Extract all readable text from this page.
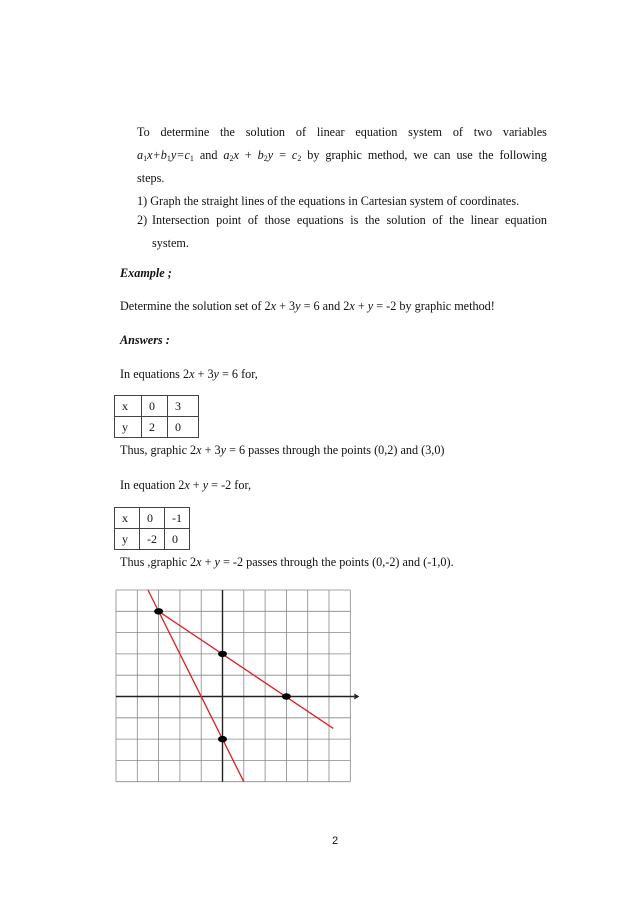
To determine the solution of linear equation system of two variables
$a_1x+b_1y=c_1$ and $a_2x + b_2y = c_2$ by graphic method, we can use the following
steps.
1) Graph the straight lines of the equations in Cartesian system of coordinates.
2) Intersection point of those equations is the solution of the linear equation
system.
Example ;
Determine the solution set of 2x + 3y = 6 and 2x + y = -2 by graphic method!
Answers :
In equations 2x + 3y = 6 for,
x	0	3
y	2	0
Thus, graphic 2x + 3y = 6 passes through the points (0,2) and (3,0)
In equation 2x + y = -2 for,
x	0	-1
y	-2	0
Thus ,graphic 2x + y = -2 passes through the points (0,-2) and (-1,0).
2
